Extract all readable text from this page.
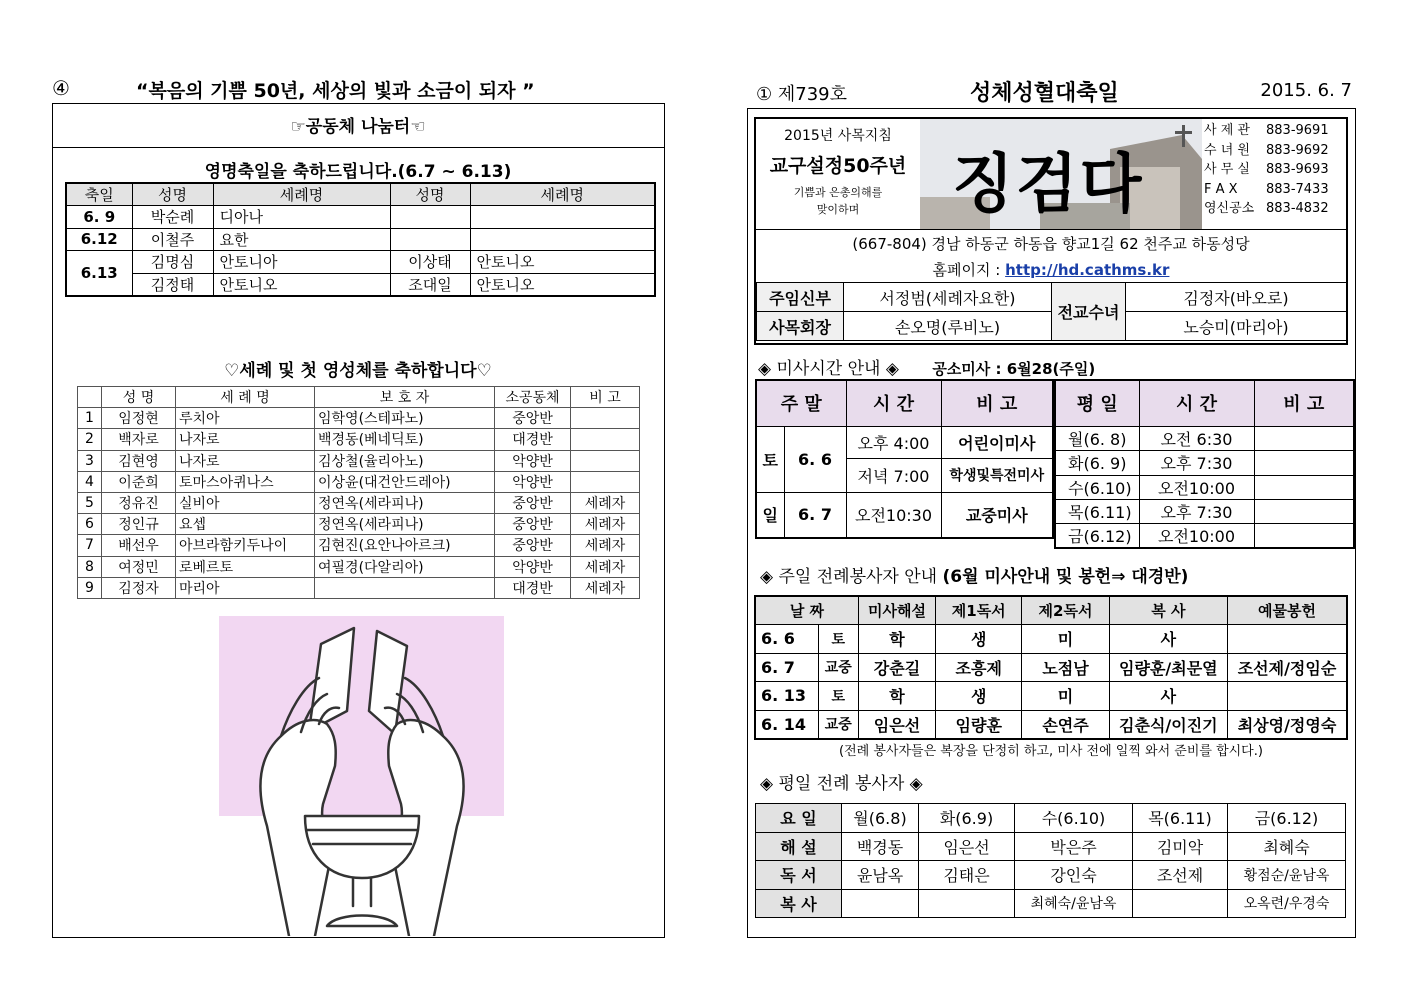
④	“복음의 기쁨 50년, 세상의 빛과 소금이 되자 ”
☞공동체 나눔터☜
영명축일을 축하드립니다.(6.7 ~ 6.13)
축일	성명	세례명	성명	세례명
6. 9	박순례	디아나		
6.12	이철주	요한		
6.13	김명심	안토니아	이상태	안토니오
	김정태	안토니오	조대일	안토니오
♡세례 및 첫 영성체를 축하합니다♡
	성 명	세 례 명	보 호 자	소공동체	비 고
1	임정현	루치아	임학영(스테파노)	중앙반	
2	백자로	나자로	백경동(베네딕토)	대경반	
3	김현영	나자로	김상철(율리아노)	악양반	
4	이준희	토마스아퀴나스	이상윤(대건안드레아)	악양반	
5	정유진	실비아	정연옥(세라피나)	중앙반	세례자
6	정인규	요셉	정연옥(세라피나)	중앙반	세례자
7	배선우	아브라함키두나이	김현진(요안나아르크)	중앙반	세례자
8	여정민	로베르토	여필경(다알리아)	악양반	세례자
9	김정자	마리아		대경반	세례자
① 제739호	성체성혈대축일	2015. 6. 7
2015년 사목지침
교구설정50주년
기쁨과 은총의해를
맞이하며	징검다
사 제 관 883-9691
수 녀 원 883-9692
사 무 실 883-9693
F A X 883-7433
영신공소 883-4832
(667-804) 경남 하동군 하동읍 향교1길 62 천주교 하동성당
홈페이지 : http://hd.cathms.kr
주임신부	서정범(세례자요한)	전교수녀	김정자(바오로)
사목회장	손오명(루비노)		노승미(마리아)
◈ 미사시간 안내 ◈ 공소미사 : 6월28(주일)
주 말		시 간	비 고
토	6. 6	오후 4:00	어린이미사
		저녁 7:00	학생및특전미사
일	6. 7	오전10:30	교중미사
평 일	시 간	비 고
월(6. 8)	오전 6:30	
화(6. 9)	오후 7:30	
수(6.10)	오전10:00	
목(6.11)	오후 7:30	
금(6.12)	오전10:00	
◈ 주일 전례봉사자 안내 (6월 미사안내 및 봉헌⇒ 대경반)
날 짜		미사해설	제1독서	제2독서	복 사	예물봉헌
6. 6	토	학	생	미	사	
6. 7	교중	강춘길	조흥제	노점남	임량훈/최문열	조선제/정임순
6. 13	토	학	생	미	사	
6. 14	교중	임은선	임량훈	손연주	김춘식/이진기	최상영/정영숙
(전례 봉사자들은 복장을 단정히 하고, 미사 전에 일찍 와서 준비를 합시다.)
◈ 평일 전례 봉사자 ◈
요 일	월(6.8)	화(6.9)	수(6.10)	목(6.11)	금(6.12)
해 설	백경동	임은선	박은주	김미악	최혜숙
독 서	윤남옥	김태은	강인숙	조선제	황점순/윤남옥
복 사			최혜숙/윤남옥		오옥련/우경숙
